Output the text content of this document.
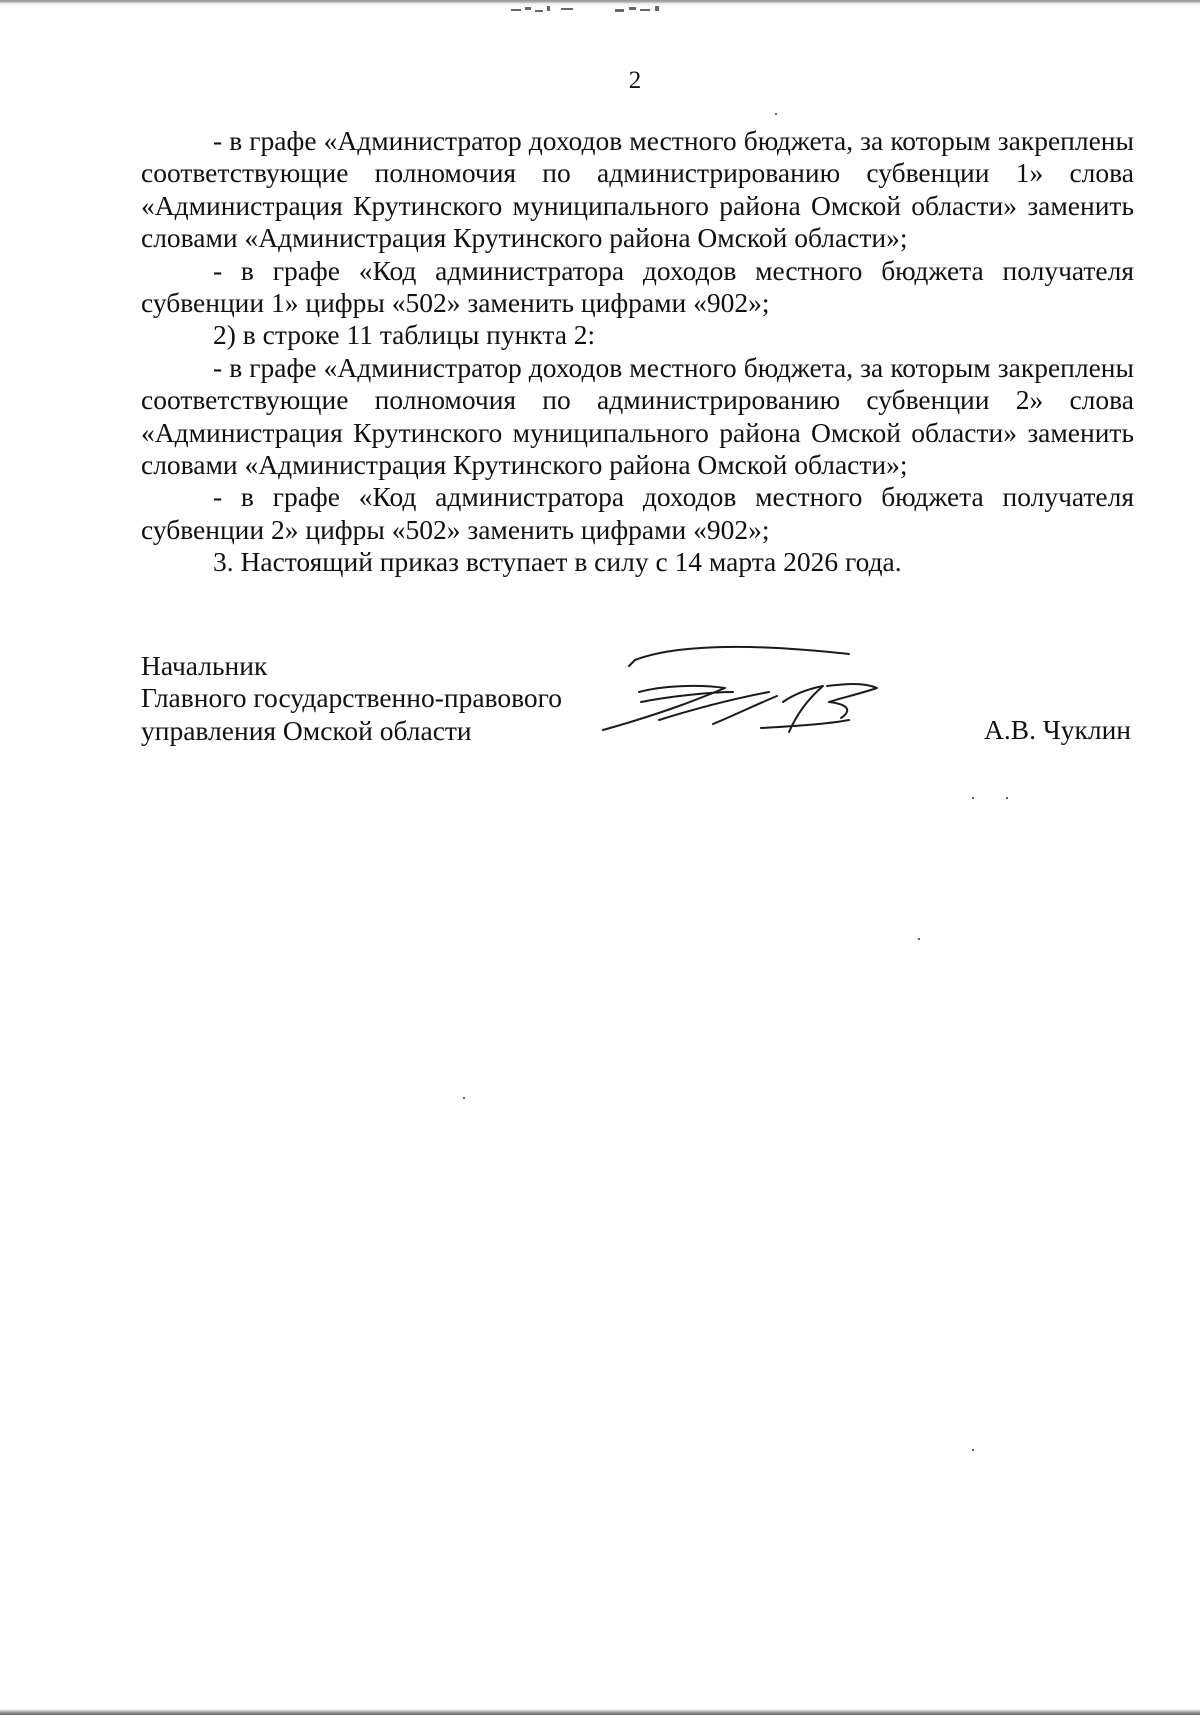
2

- в графе «Администратор доходов местного бюджета, за которым закреплены соответствующие полномочия по администрированию субвенции 1» слова «Администрация Крутинского муниципального района Омской области» заменить словами «Администрация Крутинского района Омской области»;

- в графе «Код администратора доходов местного бюджета получателя субвенции 1» цифры «502» заменить цифрами «902»;

2) в строке 11 таблицы пункта 2:

- в графе «Администратор доходов местного бюджета, за которым закреплены соответствующие полномочия по администрированию субвенции 2» слова «Администрация Крутинского муниципального района Омской области» заменить словами «Администрация Крутинского района Омской области»;

- в графе «Код администратора доходов местного бюджета получателя субвенции 2» цифры «502» заменить цифрами «902»;

3. Настоящий приказ вступает в силу с 14 марта 2026 года.

Начальник
Главного государственно-правового
управления Омской области	А.В. Чуклин
